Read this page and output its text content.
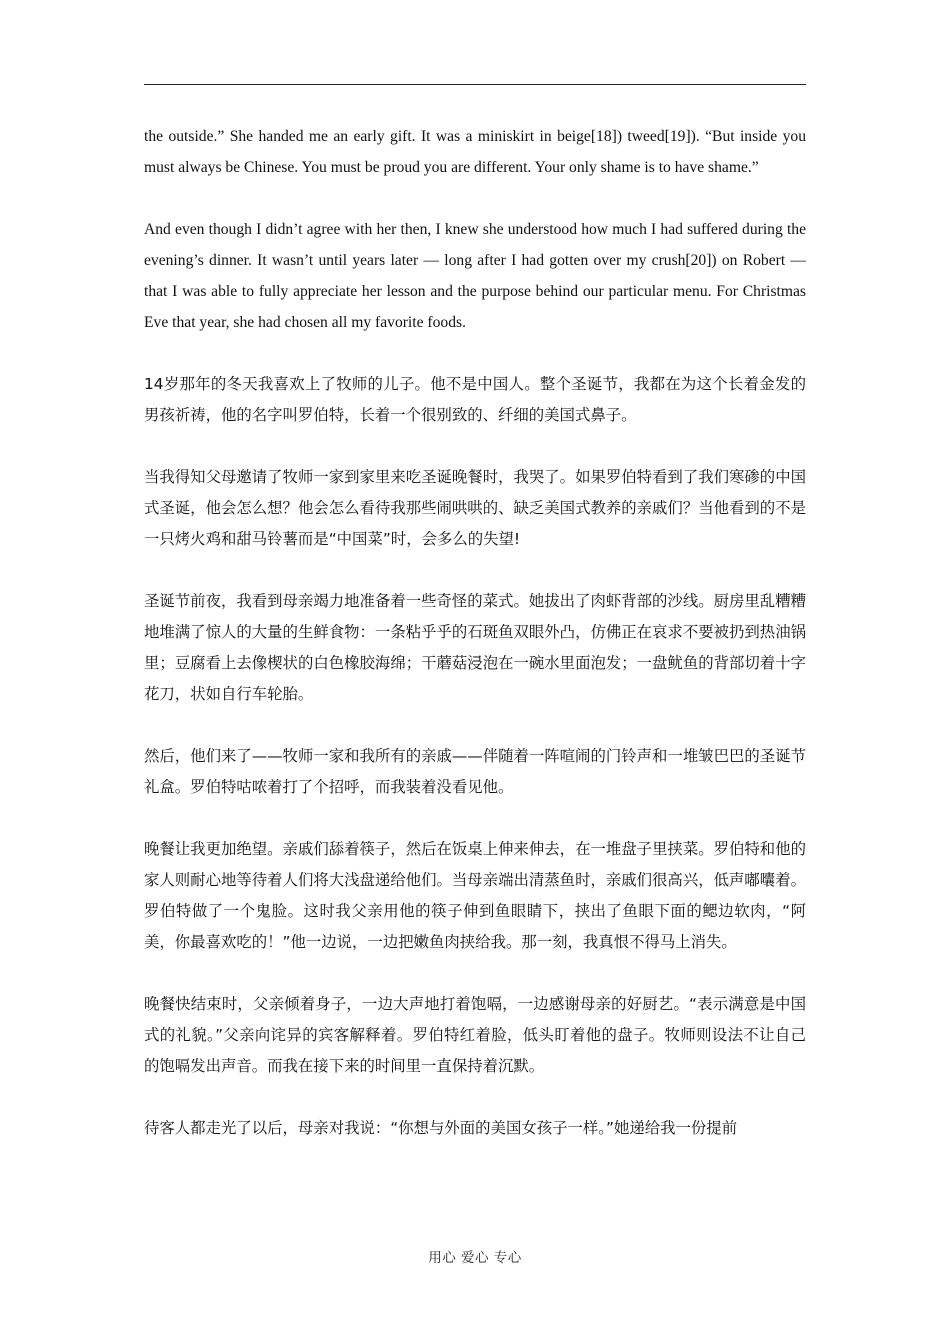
the outside.” She handed me an early gift. It was a miniskirt in beige[18]) tweed[19]). “But inside you must always be Chinese. You must be proud you are different. Your only shame is to have shame.”

And even though I didn’t agree with her then, I knew she understood how much I had suffered during the evening’s dinner. It wasn’t until years later — long after I had gotten over my crush[20]) on Robert — that I was able to fully appreciate her lesson and the purpose behind our particular menu. For Christmas Eve that year, she had chosen all my favorite foods.

14岁那年的冬天我喜欢上了牧师的儿子。他不是中国人。整个圣诞节，我都在为这个长着金发的男孩祈祷，他的名字叫罗伯特，长着一个很别致的、纤细的美国式鼻子。

当我得知父母邀请了牧师一家到家里来吃圣诞晚餐时，我哭了。如果罗伯特看到了我们寒碜的中国式圣诞，他会怎么想？他会怎么看待我那些闹哄哄的、缺乏美国式教养的亲戚们？当他看到的不是一只烤火鸡和甜马铃薯而是“中国菜”时，会多么的失望!

圣诞节前夜，我看到母亲竭力地准备着一些奇怪的菜式。她拔出了肉虾背部的沙线。厨房里乱糟糟地堆满了惊人的大量的生鲜食物：一条粘乎乎的石斑鱼双眼外凸，仿佛正在哀求不要被扔到热油锅里；豆腐看上去像楔状的白色橡胶海绵；干蘑菇浸泡在一碗水里面泡发；一盘鱿鱼的背部切着十字花刀，状如自行车轮胎。

然后，他们来了——牧师一家和我所有的亲戚——伴随着一阵喧闹的门铃声和一堆皱巴巴的圣诞节礼盒。罗伯特咕哝着打了个招呼，而我装着没看见他。

晚餐让我更加绝望。亲戚们舔着筷子，然后在饭桌上伸来伸去，在一堆盘子里挟菜。罗伯特和他的家人则耐心地等待着人们将大浅盘递给他们。当母亲端出清蒸鱼时，亲戚们很高兴，低声嘟囔着。罗伯特做了一个鬼脸。这时我父亲用他的筷子伸到鱼眼睛下，挟出了鱼眼下面的鳃边软肉，“阿美，你最喜欢吃的！”他一边说，一边把嫩鱼肉挟给我。那一刻，我真恨不得马上消失。

晚餐快结束时，父亲倾着身子，一边大声地打着饱嗝，一边感谢母亲的好厨艺。“表示满意是中国式的礼貌。”父亲向诧异的宾客解释着。罗伯特红着脸，低头盯着他的盘子。牧师则设法不让自己的饱嗝发出声音。而我在接下来的时间里一直保持着沉默。

待客人都走光了以后，母亲对我说：“你想与外面的美国女孩子一样。”她递给我一份提前

用心 爱心 专心
